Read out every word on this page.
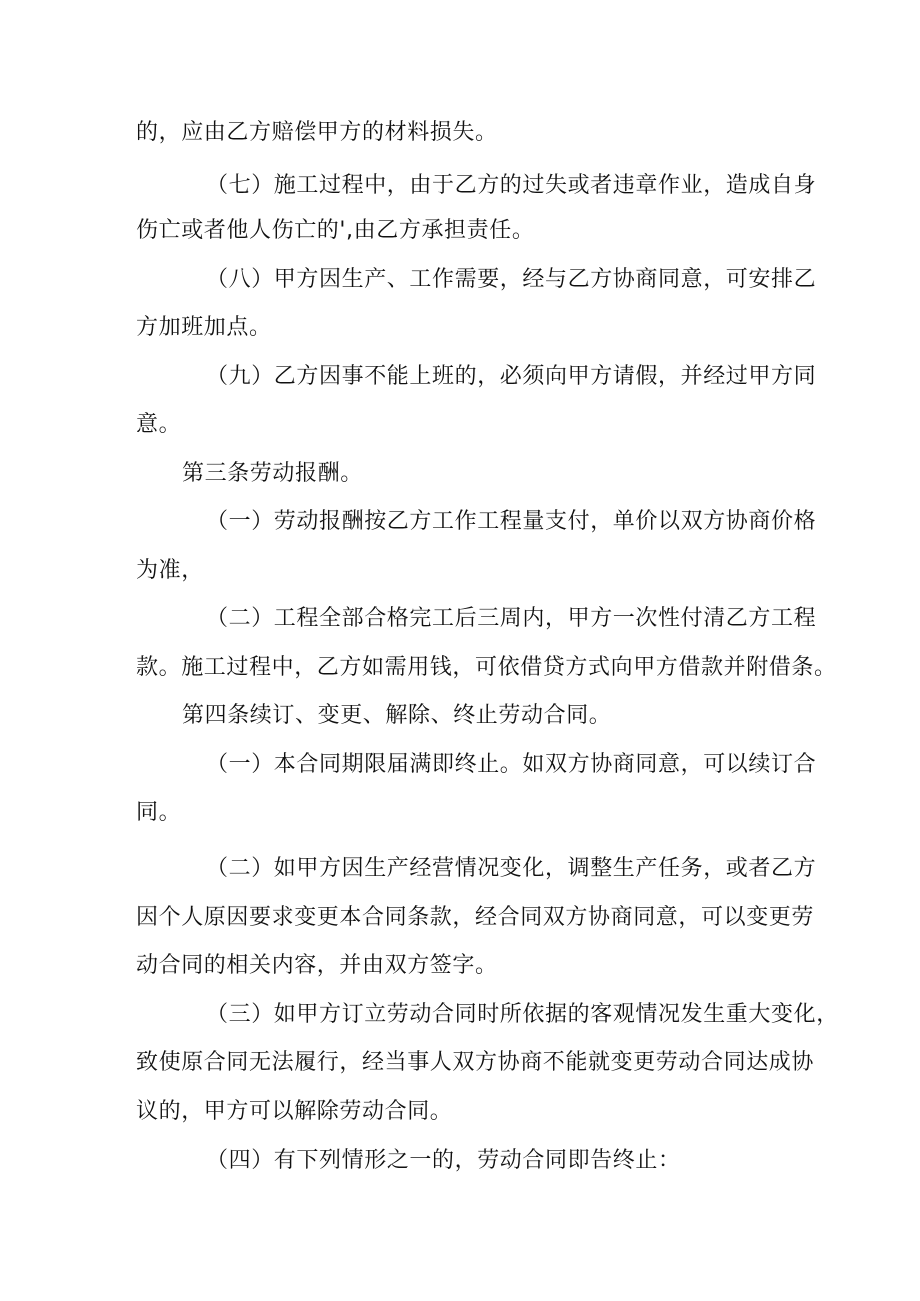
的，应由乙方赔偿甲方的材料损失。
（七）施工过程中，由于乙方的过失或者违章作业，造成自身
伤亡或者他人伤亡的',由乙方承担责任。
（八）甲方因生产、工作需要，经与乙方协商同意，可安排乙
方加班加点。
（九）乙方因事不能上班的，必须向甲方请假，并经过甲方同
意。
第三条劳动报酬。
（一）劳动报酬按乙方工作工程量支付，单价以双方协商价格
为准，
（二）工程全部合格完工后三周内，甲方一次性付清乙方工程
款。施工过程中，乙方如需用钱，可依借贷方式向甲方借款并附借条。
第四条续订、变更、解除、终止劳动合同。
（一）本合同期限届满即终止。如双方协商同意，可以续订合
同。
（二）如甲方因生产经营情况变化，调整生产任务，或者乙方
因个人原因要求变更本合同条款，经合同双方协商同意，可以变更劳
动合同的相关内容，并由双方签字。
（三）如甲方订立劳动合同时所依据的客观情况发生重大变化，
致使原合同无法履行，经当事人双方协商不能就变更劳动合同达成协
议的，甲方可以解除劳动合同。
（四）有下列情形之一的，劳动合同即告终止：
